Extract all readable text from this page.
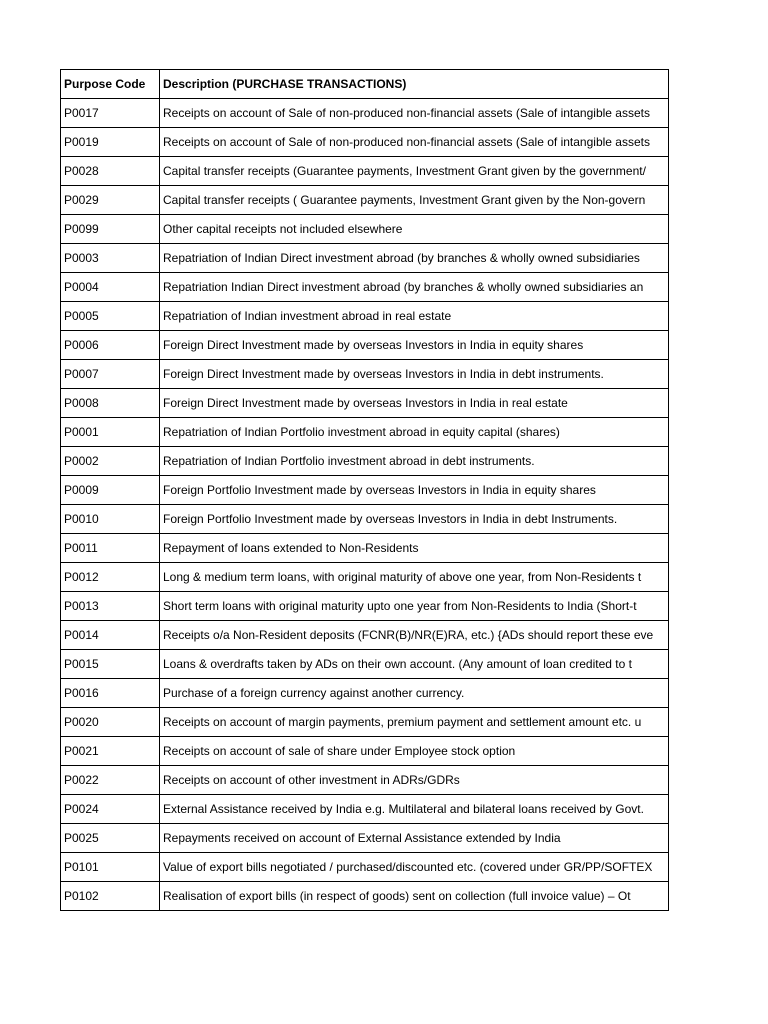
Purpose Code	Description (PURCHASE TRANSACTIONS)
P0017	Receipts on account of Sale of non-produced non-financial assets (Sale of intangible assets
P0019	Receipts on account of Sale of non-produced non-financial assets (Sale of intangible assets
P0028	Capital transfer receipts (Guarantee payments, Investment Grant given by the government/
P0029	Capital transfer receipts ( Guarantee payments, Investment Grant given by the Non-govern
P0099	Other capital receipts not included elsewhere
P0003	Repatriation of Indian Direct investment abroad (by branches & wholly owned subsidiaries
P0004	Repatriation Indian Direct investment abroad (by branches & wholly owned subsidiaries an
P0005	Repatriation of Indian investment abroad in real estate
P0006	Foreign Direct Investment made by overseas Investors in India in equity shares
P0007	Foreign Direct Investment made by overseas Investors in India in debt instruments.
P0008	Foreign Direct Investment made by overseas Investors in India in real estate
P0001	Repatriation of Indian Portfolio investment abroad in equity capital (shares)
P0002	Repatriation of Indian Portfolio investment abroad in debt instruments.
P0009	Foreign Portfolio Investment made by overseas Investors in India in equity shares
P0010	Foreign Portfolio Investment made by overseas Investors in India in debt Instruments.
P0011	Repayment of loans extended to Non-Residents
P0012	Long & medium term loans, with original maturity of above one year, from Non-Residents t
P0013	Short term loans with original maturity upto one year from Non-Residents to India (Short-t
P0014	Receipts o/a Non-Resident deposits (FCNR(B)/NR(E)RA, etc.) {ADs should report these eve
P0015	Loans & overdrafts taken by ADs on their own account. (Any amount of loan credited to t
P0016	Purchase of a foreign currency against another currency.
P0020	Receipts on account of margin payments, premium payment and settlement amount etc. u
P0021	Receipts on account of sale of share under Employee stock option
P0022	Receipts on account of other investment in ADRs/GDRs
P0024	External Assistance received by India e.g. Multilateral and bilateral loans received by Govt.
P0025	Repayments received on account of External Assistance extended by India
P0101	Value of export bills negotiated / purchased/discounted etc. (covered under GR/PP/SOFTEX
P0102	Realisation of export bills (in respect of goods) sent on collection (full invoice value) – Ot
